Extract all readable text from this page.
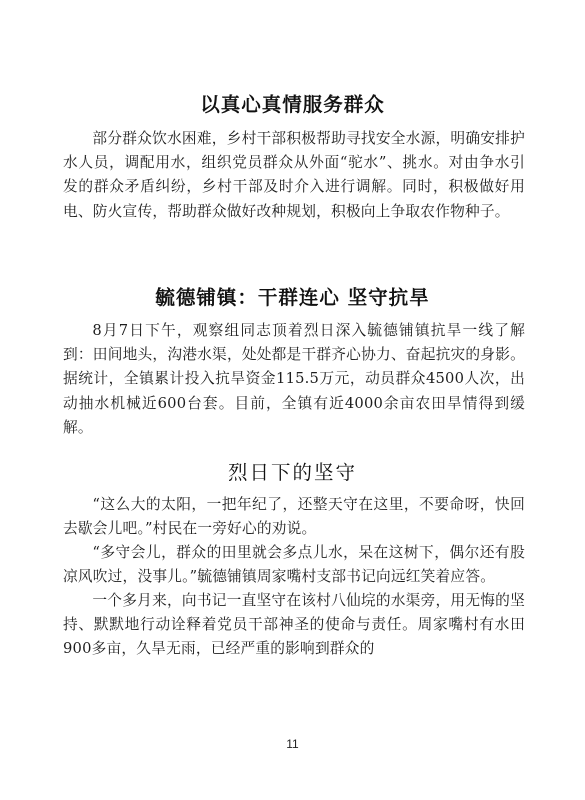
以真心真情服务群众

部分群众饮水困难，乡村干部积极帮助寻找安全水源，明确安排护水人员，调配用水，组织党员群众从外面“驼水”、挑水。对由争水引发的群众矛盾纠纷，乡村干部及时介入进行调解。同时，积极做好用电、防火宣传，帮助群众做好改种规划，积极向上争取农作物种子。

毓德铺镇：干群连心 坚守抗旱

8月7日下午，观察组同志顶着烈日深入毓德铺镇抗旱一线了解到：田间地头，沟港水渠，处处都是干群齐心协力、奋起抗灾的身影。据统计，全镇累计投入抗旱资金115.5万元，动员群众4500人次，出动抽水机械近600台套。目前，全镇有近4000余亩农田旱情得到缓解。

烈日下的坚守

“这么大的太阳，一把年纪了，还整天守在这里，不要命呀，快回去歇会儿吧。”村民在一旁好心的劝说。

“多守会儿，群众的田里就会多点儿水，呆在这树下，偶尔还有股凉风吹过，没事儿。”毓德铺镇周家嘴村支部书记向远红笑着应答。

一个多月来，向书记一直坚守在该村八仙垸的水渠旁，用无悔的坚持、默默地行动诠释着党员干部神圣的使命与责任。周家嘴村有水田900多亩，久旱无雨，已经严重的影响到群众的

11
